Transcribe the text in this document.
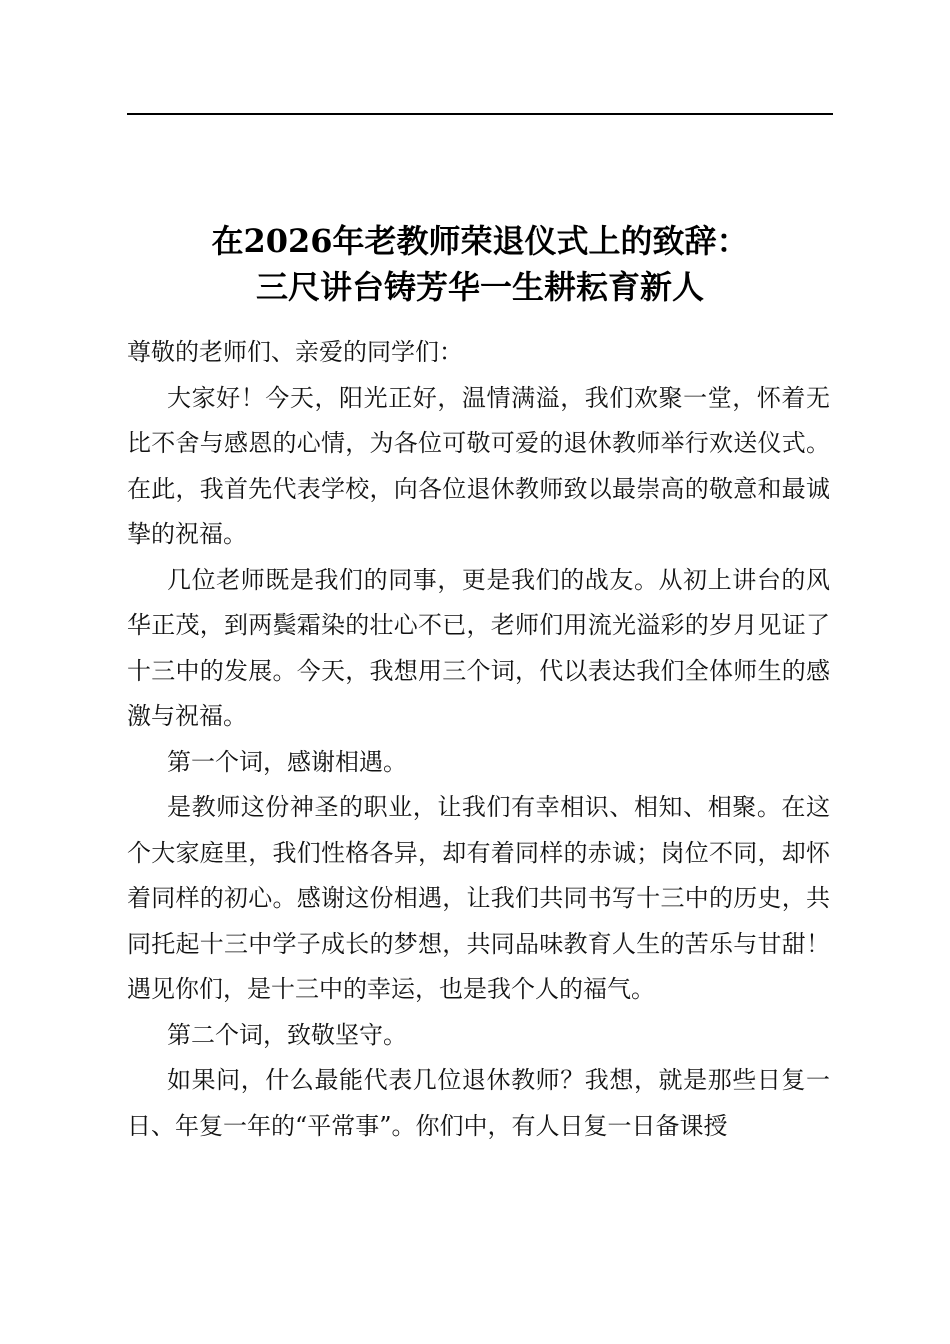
在2026年老教师荣退仪式上的致辞：
三尺讲台铸芳华一生耕耘育新人

尊敬的老师们、亲爱的同学们：

大家好！今天，阳光正好，温情满溢，我们欢聚一堂，怀着无比不舍与感恩的心情，为各位可敬可爱的退休教师举行欢送仪式。在此，我首先代表学校，向各位退休教师致以最崇高的敬意和最诚挚的祝福。

几位老师既是我们的同事，更是我们的战友。从初上讲台的风华正茂，到两鬓霜染的壮心不已，老师们用流光溢彩的岁月见证了十三中的发展。今天，我想用三个词，代以表达我们全体师生的感激与祝福。

第一个词，感谢相遇。

是教师这份神圣的职业，让我们有幸相识、相知、相聚。在这个大家庭里，我们性格各异，却有着同样的赤诚；岗位不同，却怀着同样的初心。感谢这份相遇，让我们共同书写十三中的历史，共同托起十三中学子成长的梦想，共同品味教育人生的苦乐与甘甜！遇见你们，是十三中的幸运，也是我个人的福气。

第二个词，致敬坚守。

如果问，什么最能代表几位退休教师？我想，就是那些日复一日、年复一年的“平常事”。你们中，有人日复一日备课授
